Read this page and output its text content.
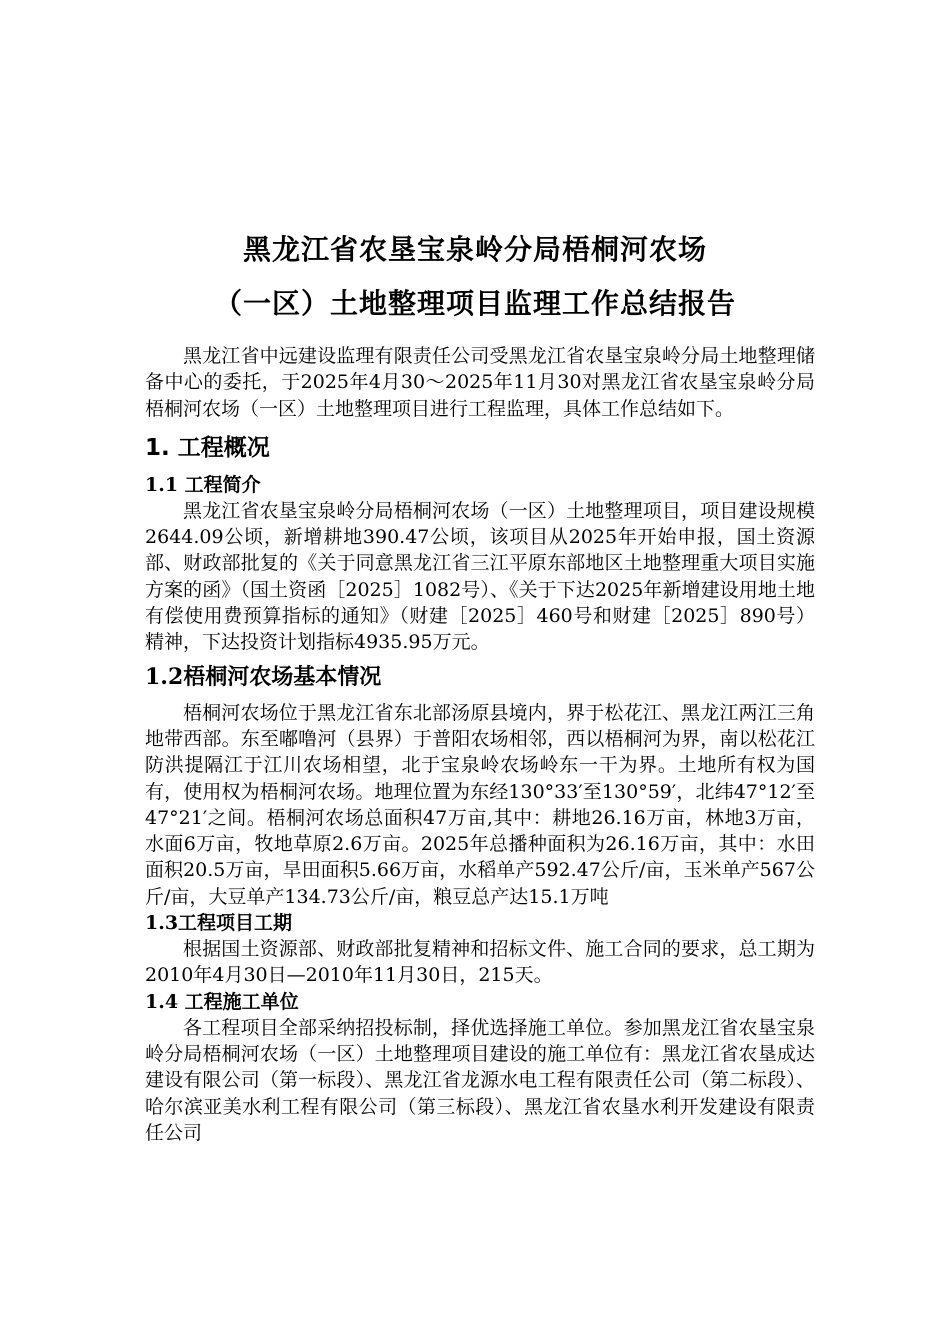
黑龙江省农垦宝泉岭分局梧桐河农场
（一区）土地整理项目监理工作总结报告

黑龙江省中远建设监理有限责任公司受黑龙江省农垦宝泉岭分局土地整理储备中心的委托，于2025年4月30～2025年11月30对黑龙江省农垦宝泉岭分局梧桐河农场（一区）土地整理项目进行工程监理，具体工作总结如下。

1. 工程概况
1.1 工程简介

黑龙江省农垦宝泉岭分局梧桐河农场（一区）土地整理项目，项目建设规模2644.09公顷，新增耕地390.47公顷，该项目从2025年开始申报，国土资源部、财政部批复的《关于同意黑龙江省三江平原东部地区土地整理重大项目实施方案的函》（国土资函［2025］1082号）、《关于下达2025年新增建设用地土地有偿使用费预算指标的通知》（财建［2025］460号和财建［2025］890号）精神，下达投资计划指标4935.95万元。

1.2梧桐河农场基本情况

梧桐河农场位于黑龙江省东北部汤原县境内，界于松花江、黑龙江两江三角地带西部。东至嘟噜河（县界）于普阳农场相邻，西以梧桐河为界，南以松花江防洪提隔江于江川农场相望，北于宝泉岭农场岭东一干为界。土地所有权为国有，使用权为梧桐河农场。地理位置为东经130°33′至130°59′，北纬47°12′至47°21′之间。梧桐河农场总面积47万亩,其中：耕地26.16万亩，林地3万亩，水面6万亩，牧地草原2.6万亩。2025年总播种面积为26.16万亩，其中：水田面积20.5万亩，旱田面积5.66万亩，水稻单产592.47公斤/亩，玉米单产567公斤/亩，大豆单产134.73公斤/亩，粮豆总产达15.1万吨

1.3工程项目工期

根据国土资源部、财政部批复精神和招标文件、施工合同的要求，总工期为2010年4月30日—2010年11月30日，215天。

1.4 工程施工单位

各工程项目全部采纳招投标制，择优选择施工单位。参加黑龙江省农垦宝泉岭分局梧桐河农场（一区）土地整理项目建设的施工单位有：黑龙江省农垦成达建设有限公司（第一标段）、黑龙江省龙源水电工程有限责任公司（第二标段）、哈尔滨亚美水利工程有限公司（第三标段）、黑龙江省农垦水利开发建设有限责任公司
